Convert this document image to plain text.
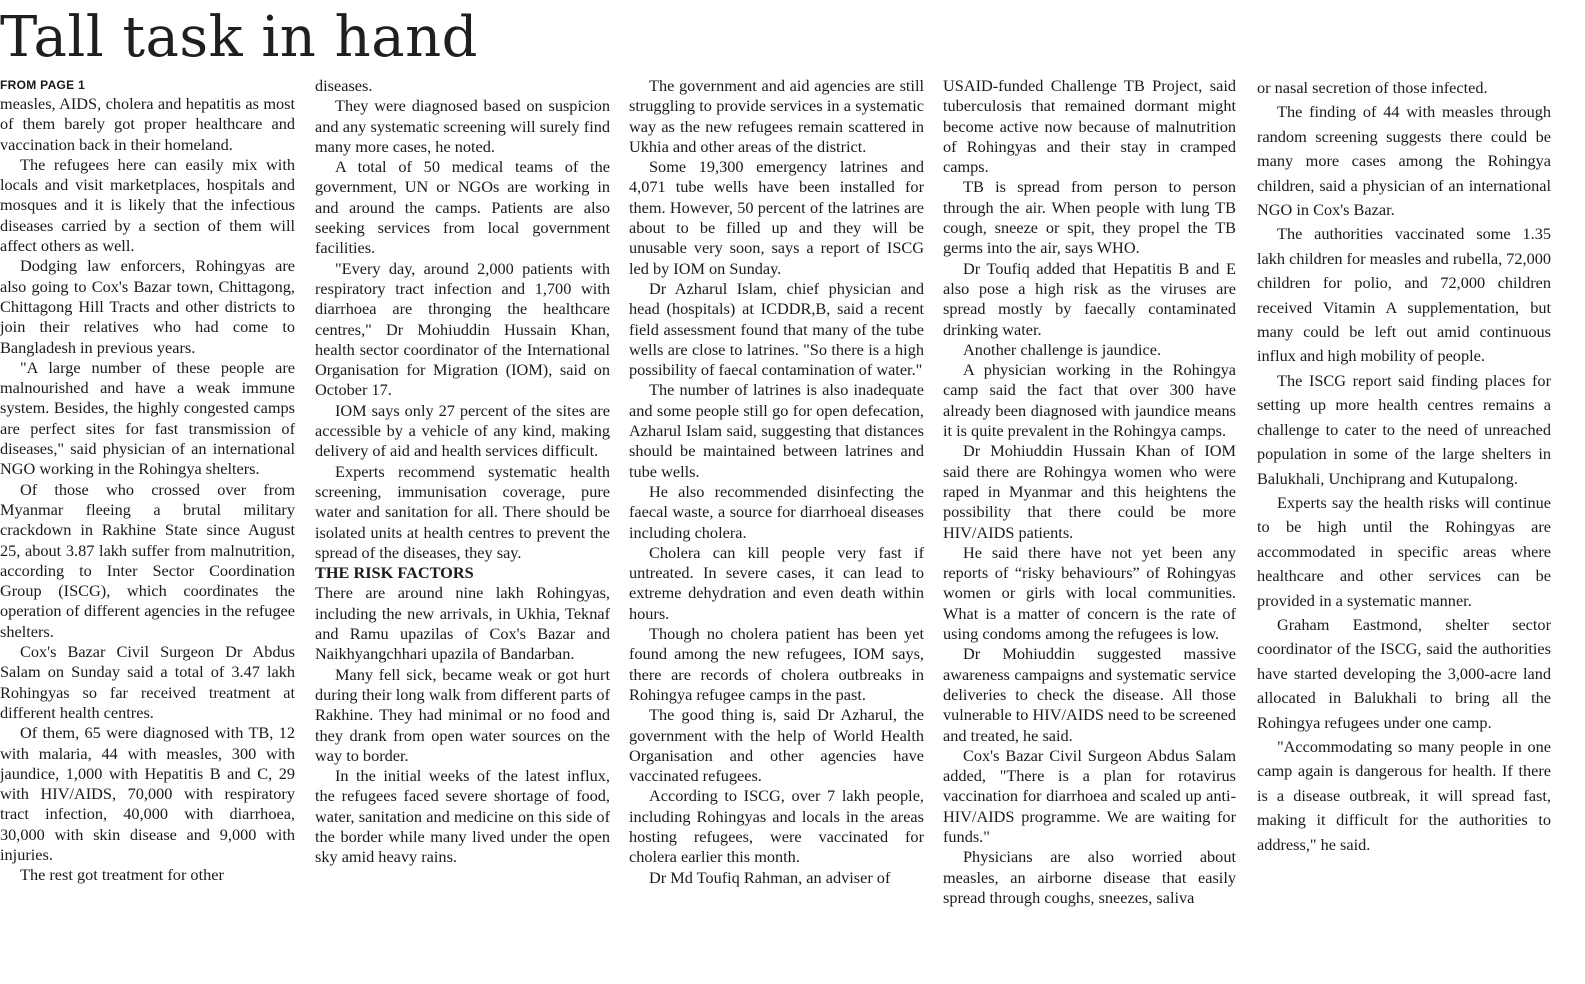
Tall task in hand
FROM PAGE 1

measles, AIDS, cholera and hepatitis as most of them barely got proper healthcare and vaccination back in their homeland.

The refugees here can easily mix with locals and visit marketplaces, hospitals and mosques and it is likely that the infectious diseases carried by a section of them will affect others as well.

Dodging law enforcers, Rohingyas are also going to Cox's Bazar town, Chittagong, Chittagong Hill Tracts and other districts to join their relatives who had come to Bangladesh in previous years.

"A large number of these people are malnourished and have a weak immune system. Besides, the highly congested camps are perfect sites for fast transmission of diseases," said physician of an international NGO working in the Rohingya shelters.

Of those who crossed over from Myanmar fleeing a brutal military crackdown in Rakhine State since August 25, about 3.87 lakh suffer from malnutrition, according to Inter Sector Coordination Group (ISCG), which coordinates the operation of different agencies in the refugee shelters.

Cox's Bazar Civil Surgeon Dr Abdus Salam on Sunday said a total of 3.47 lakh Rohingyas so far received treatment at different health centres.

Of them, 65 were diagnosed with TB, 12 with malaria, 44 with measles, 300 with jaundice, 1,000 with Hepatitis B and C, 29 with HIV/AIDS, 70,000 with respiratory tract infection, 40,000 with diarrhoea, 30,000 with skin disease and 9,000 with injuries.

The rest got treatment for other

diseases.

They were diagnosed based on suspicion and any systematic screening will surely find many more cases, he noted.

A total of 50 medical teams of the government, UN or NGOs are working in and around the camps. Patients are also seeking services from local government facilities.

"Every day, around 2,000 patients with respiratory tract infection and 1,700 with diarrhoea are thronging the healthcare centres," Dr Mohiuddin Hussain Khan, health sector coordinator of the International Organisation for Migration (IOM), said on October 17.

IOM says only 27 percent of the sites are accessible by a vehicle of any kind, making delivery of aid and health services difficult.

Experts recommend systematic health screening, immunisation coverage, pure water and sanitation for all. There should be isolated units at health centres to prevent the spread of the diseases, they say.

THE RISK FACTORS

There are around nine lakh Rohingyas, including the new arrivals, in Ukhia, Teknaf and Ramu upazilas of Cox's Bazar and Naikhyangchhari upazila of Bandarban.

Many fell sick, became weak or got hurt during their long walk from different parts of Rakhine. They had minimal or no food and they drank from open water sources on the way to border.

In the initial weeks of the latest influx, the refugees faced severe shortage of food, water, sanitation and medicine on this side of the border while many lived under the open sky amid heavy rains.

The government and aid agencies are still struggling to provide services in a systematic way as the new refugees remain scattered in Ukhia and other areas of the district.

Some 19,300 emergency latrines and 4,071 tube wells have been installed for them. However, 50 percent of the latrines are about to be filled up and they will be unusable very soon, says a report of ISCG led by IOM on Sunday.

Dr Azharul Islam, chief physician and head (hospitals) at ICDDR,B, said a recent field assessment found that many of the tube wells are close to latrines. "So there is a high possibility of faecal contamination of water."

The number of latrines is also inadequate and some people still go for open defecation, Azharul Islam said, suggesting that distances should be maintained between latrines and tube wells.

He also recommended disinfecting the faecal waste, a source for diarrhoeal diseases including cholera.

Cholera can kill people very fast if untreated. In severe cases, it can lead to extreme dehydration and even death within hours.

Though no cholera patient has been yet found among the new refugees, IOM says, there are records of cholera outbreaks in Rohingya refugee camps in the past.

The good thing is, said Dr Azharul, the government with the help of World Health Organisation and other agencies have vaccinated refugees.

According to ISCG, over 7 lakh people, including Rohingyas and locals in the areas hosting refugees, were vaccinated for cholera earlier this month.

Dr Md Toufiq Rahman, an adviser of

USAID-funded Challenge TB Project, said tuberculosis that remained dormant might become active now because of malnutrition of Rohingyas and their stay in cramped camps.

TB is spread from person to person through the air. When people with lung TB cough, sneeze or spit, they propel the TB germs into the air, says WHO.

Dr Toufiq added that Hepatitis B and E also pose a high risk as the viruses are spread mostly by faecally contaminated drinking water.

Another challenge is jaundice.

A physician working in the Rohingya camp said the fact that over 300 have already been diagnosed with jaundice means it is quite prevalent in the Rohingya camps.

Dr Mohiuddin Hussain Khan of IOM said there are Rohingya women who were raped in Myanmar and this heightens the possibility that there could be more HIV/AIDS patients.

He said there have not yet been any reports of “risky behaviours” of Rohingyas women or girls with local communities. What is a matter of concern is the rate of using condoms among the refugees is low.

Dr Mohiuddin suggested massive awareness campaigns and systematic service deliveries to check the disease. All those vulnerable to HIV/AIDS need to be screened and treated, he said.

Cox's Bazar Civil Surgeon Abdus Salam added, "There is a plan for rotavirus vaccination for diarrhoea and scaled up anti-HIV/AIDS programme. We are waiting for funds."

Physicians are also worried about measles, an airborne disease that easily spread through coughs, sneezes, saliva

or nasal secretion of those infected.

The finding of 44 with measles through random screening suggests there could be many more cases among the Rohingya children, said a physician of an international NGO in Cox's Bazar.

The authorities vaccinated some 1.35 lakh children for measles and rubella, 72,000 children for polio, and 72,000 children received Vitamin A supplementation, but many could be left out amid continuous influx and high mobility of people.

The ISCG report said finding places for setting up more health centres remains a challenge to cater to the need of unreached population in some of the large shelters in Balukhali, Unchiprang and Kutupalong.

Experts say the health risks will continue to be high until the Rohingyas are accommodated in specific areas where healthcare and other services can be provided in a systematic manner.

Graham Eastmond, shelter sector coordinator of the ISCG, said the authorities have started developing the 3,000-acre land allocated in Balukhali to bring all the Rohingya refugees under one camp.

"Accommodating so many people in one camp again is dangerous for health. If there is a disease outbreak, it will spread fast, making it difficult for the authorities to address," he said.
